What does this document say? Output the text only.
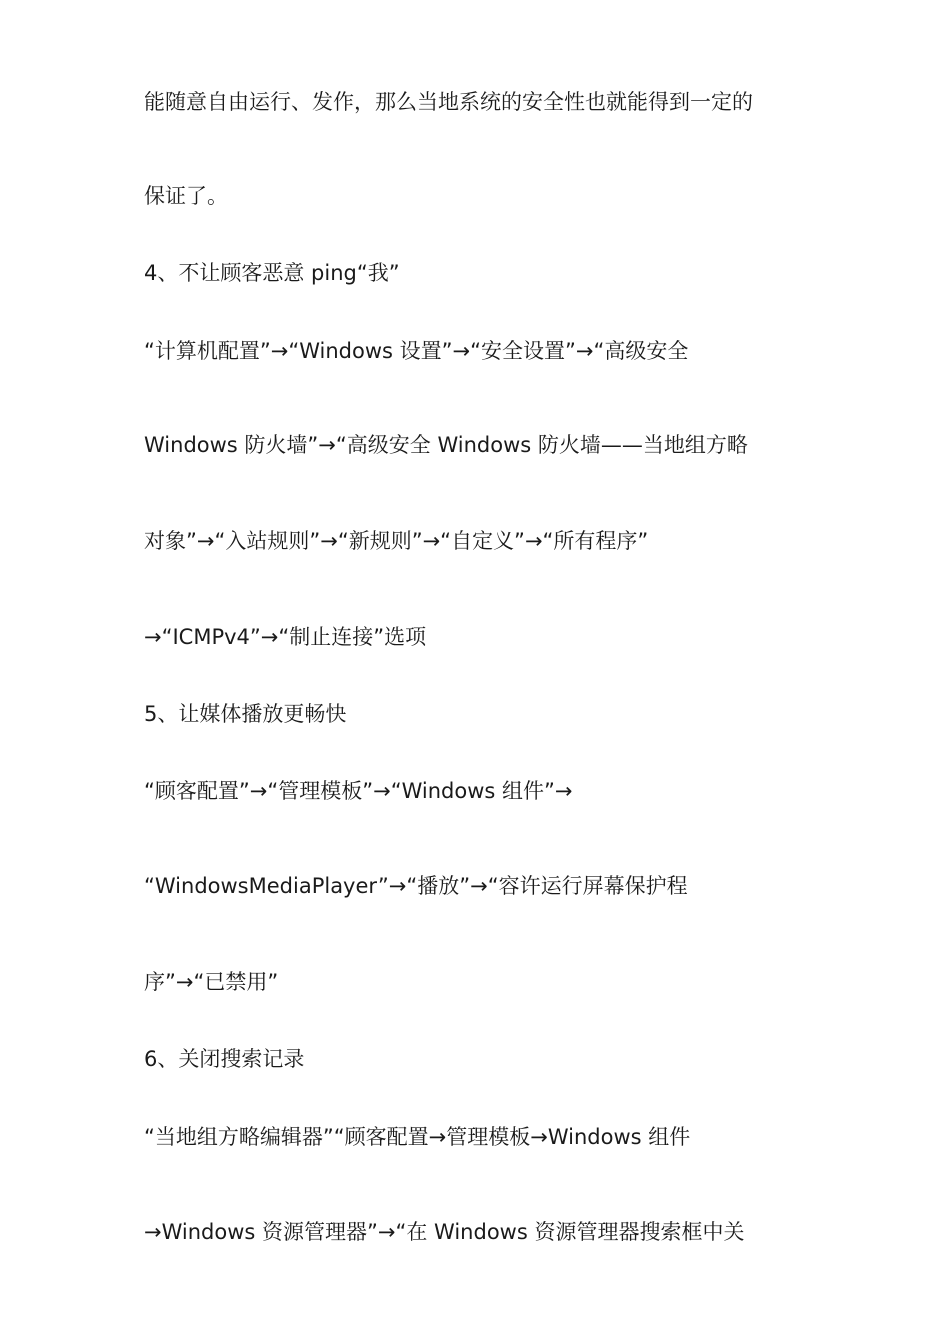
能随意自由运行、发作，那么当地系统的安全性也就能得到一定的
保证了。
4、不让顾客恶意 ping“我”
“计算机配置”→“Windows 设置”→“安全设置”→“高级安全
Windows 防火墙”→“高级安全 Windows 防火墙——当地组方略
对象”→“入站规则”→“新规则”→“自定义”→“所有程序”
→“ICMPv4”→“制止连接”选项
5、让媒体播放更畅快
“顾客配置”→“管理模板”→“Windows 组件”→
“WindowsMediaPlayer”→“播放”→“容许运行屏幕保护程
序”→“已禁用”
6、关闭搜索记录
“当地组方略编辑器”“顾客配置→管理模板→Windows 组件
→Windows 资源管理器”→“在 Windows 资源管理器搜索框中关
